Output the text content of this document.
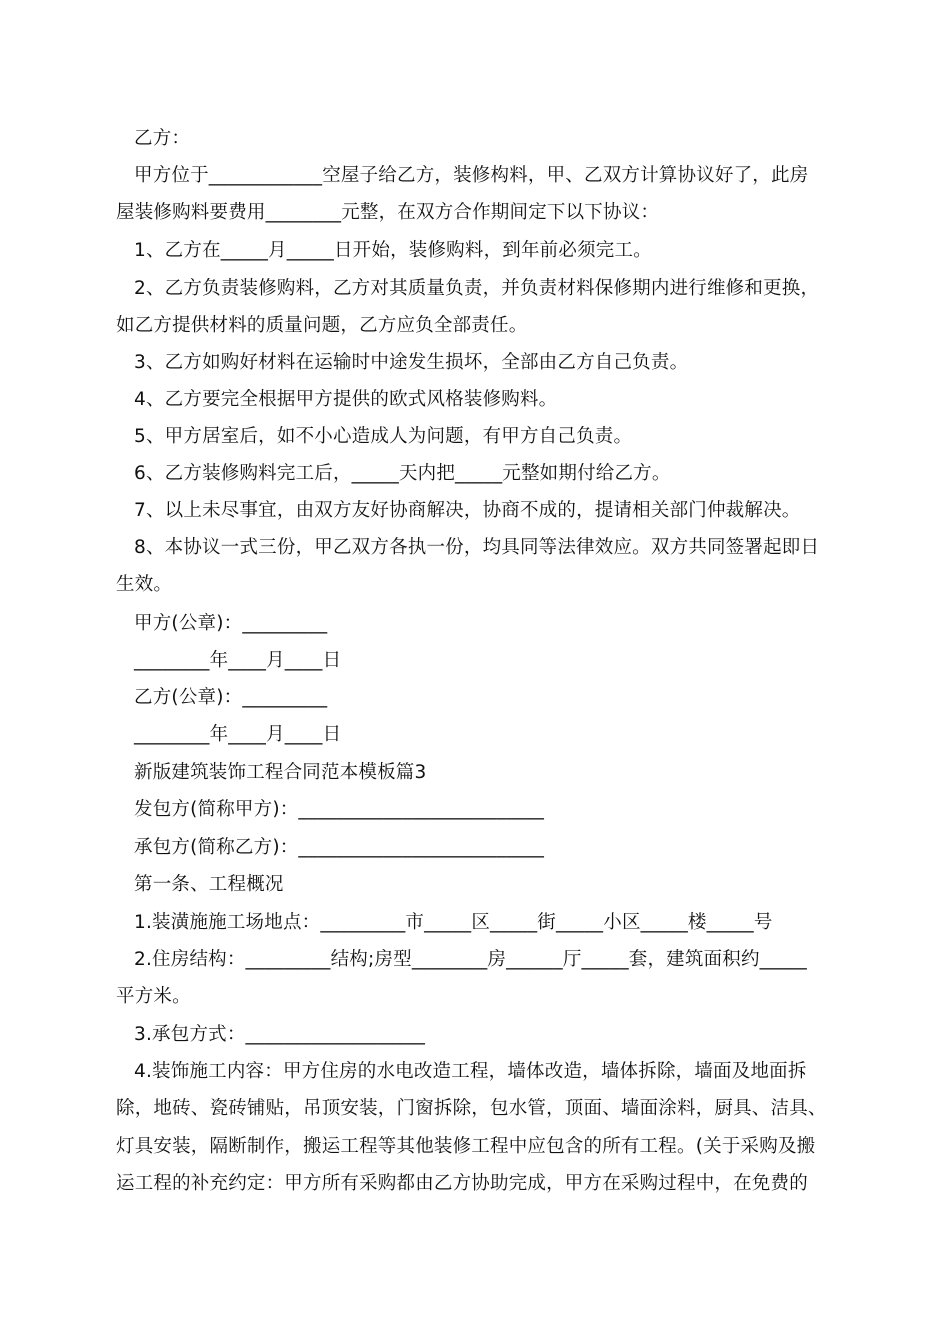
乙方：
甲方位于____________空屋子给乙方，装修构料，甲、乙双方计算协议好了，此房
屋装修购料要费用________元整，在双方合作期间定下以下协议：
1、乙方在_____月_____日开始，装修购料，到年前必须完工。
2、乙方负责装修购料，乙方对其质量负责，并负责材料保修期内进行维修和更换，
如乙方提供材料的质量问题，乙方应负全部责任。
3、乙方如购好材料在运输时中途发生损坏，全部由乙方自己负责。
4、乙方要完全根据甲方提供的欧式风格装修购料。
5、甲方居室后，如不小心造成人为问题，有甲方自己负责。
6、乙方装修购料完工后，_____天内把_____元整如期付给乙方。
7、以上未尽事宜，由双方友好协商解决，协商不成的，提请相关部门仲裁解决。
8、本协议一式三份，甲乙双方各执一份，均具同等法律效应。双方共同签署起即日
生效。
甲方(公章)：_________
________年____月____日
乙方(公章)：_________
________年____月____日
新版建筑装饰工程合同范本模板篇3
发包方(简称甲方)：__________________________
承包方(简称乙方)：__________________________
第一条、工程概况
1.装潢施施工场地点：_________市_____区_____街_____小区_____楼_____号
2.住房结构：_________结构;房型________房______厅_____套，建筑面积约_____
平方米。
3.承包方式：___________________
4.装饰施工内容：甲方住房的水电改造工程，墙体改造，墙体拆除，墙面及地面拆
除，地砖、瓷砖铺贴，吊顶安装，门窗拆除，包水管，顶面、墙面涂料，厨具、洁具、
灯具安装，隔断制作，搬运工程等其他装修工程中应包含的所有工程。(关于采购及搬
运工程的补充约定：甲方所有采购都由乙方协助完成，甲方在采购过程中，在免费的
